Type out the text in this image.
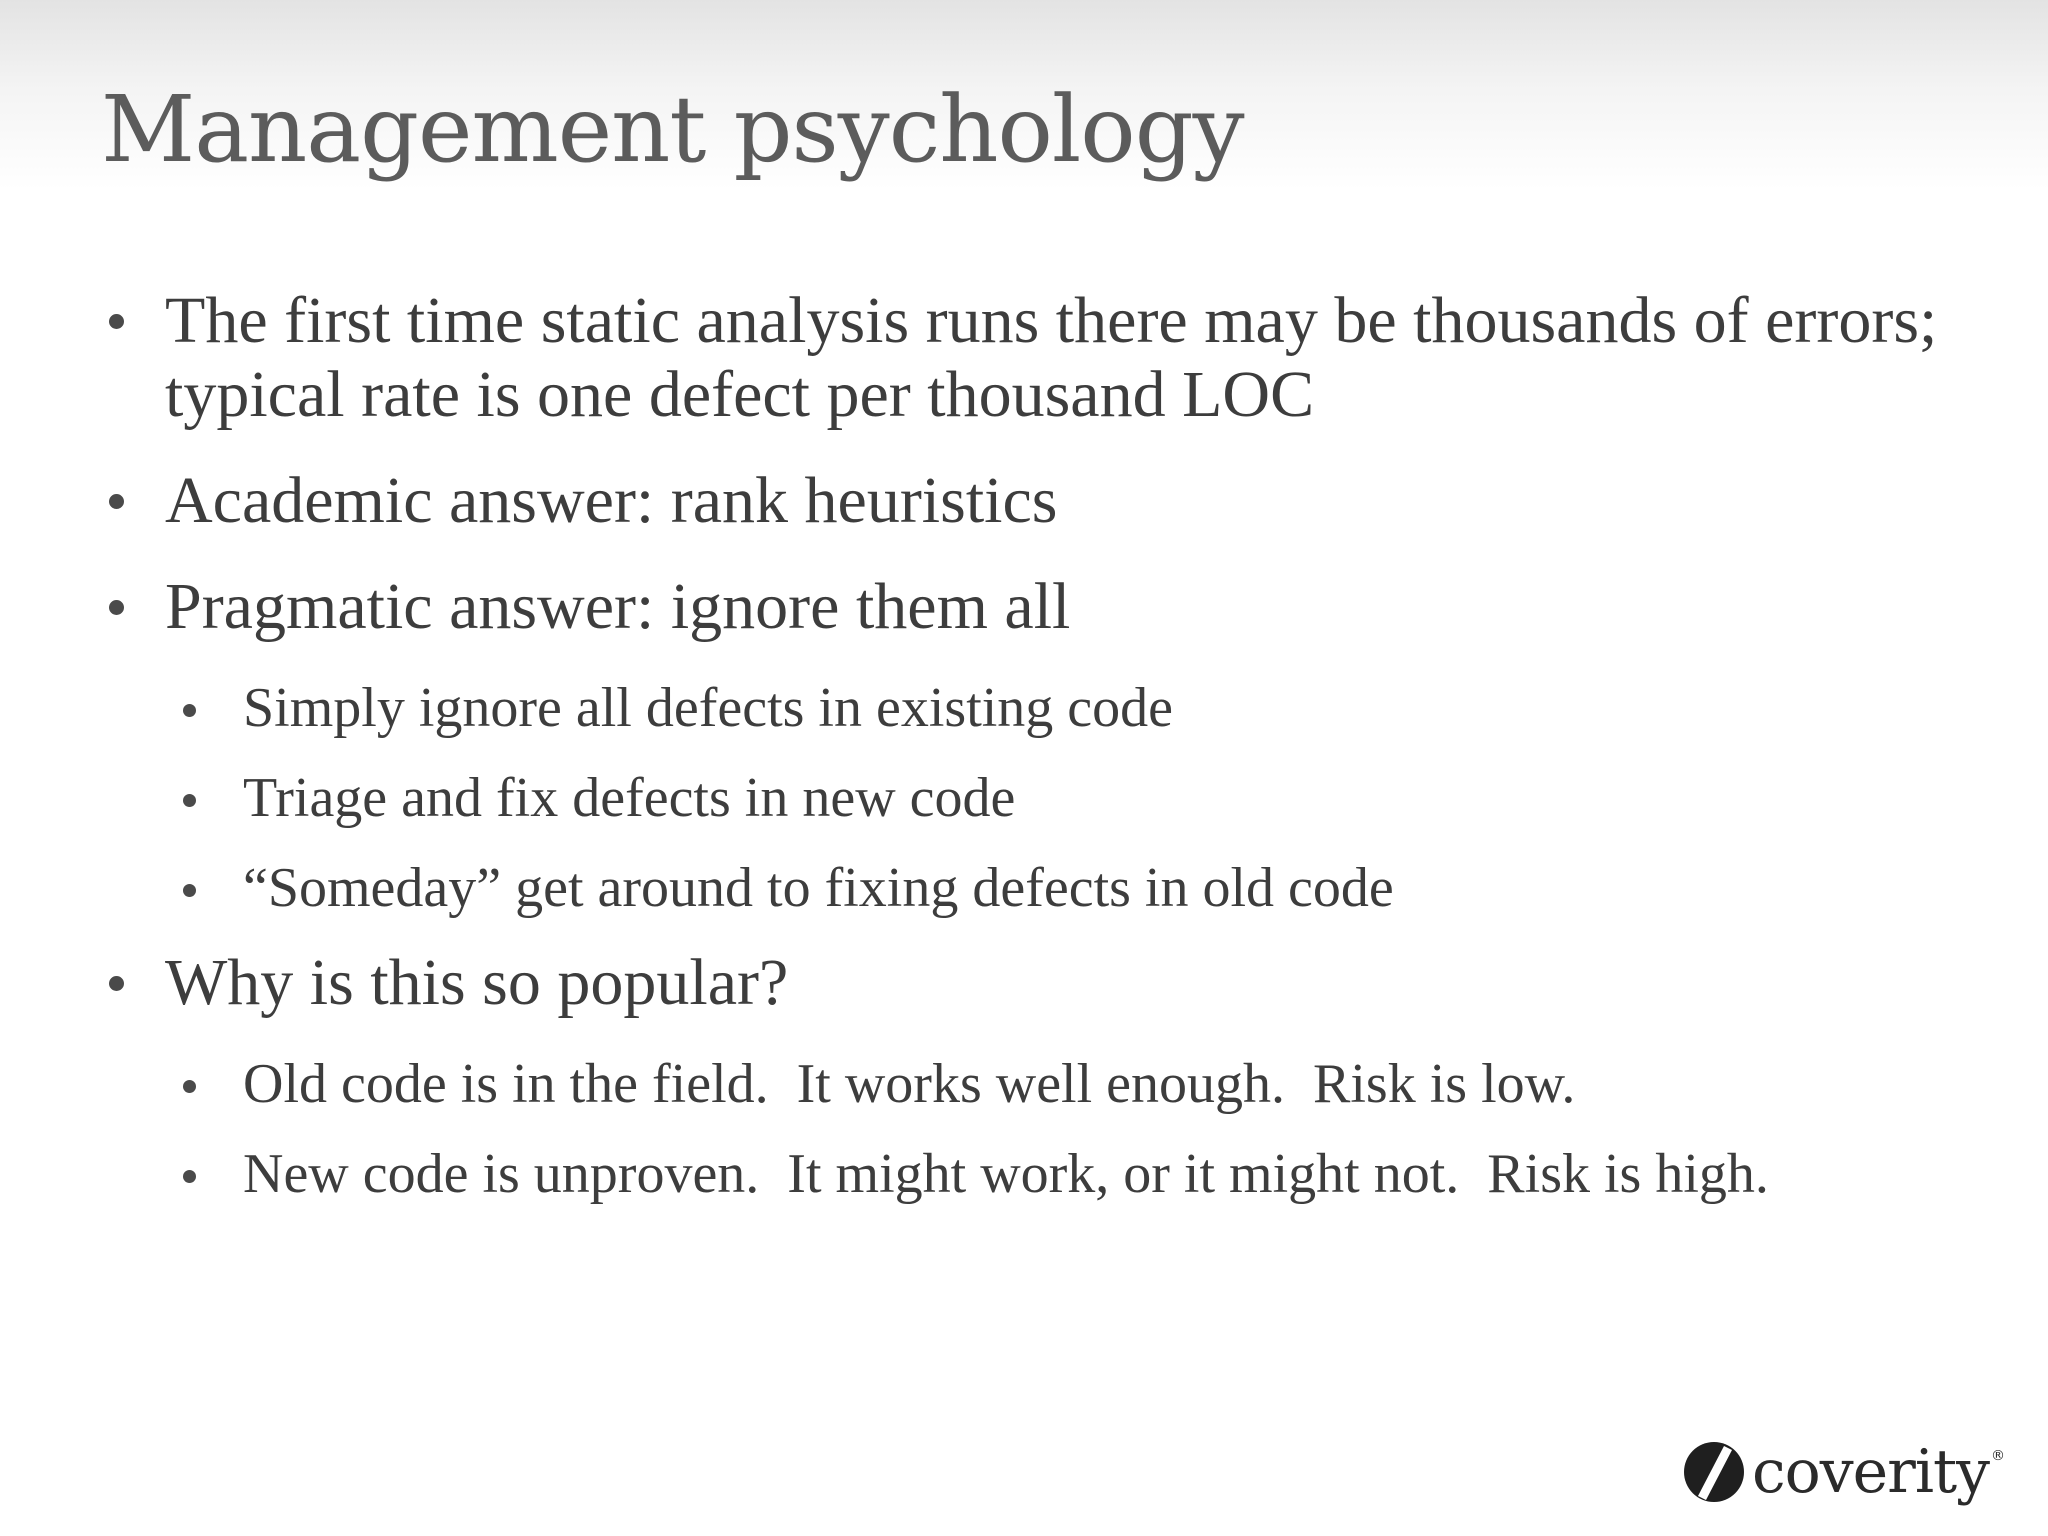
Management psychology
The first time static analysis runs there may be thousands of errors; typical rate is one defect per thousand LOC
Academic answer: rank heuristics
Pragmatic answer: ignore them all
Simply ignore all defects in existing code
Triage and fix defects in new code
“Someday” get around to fixing defects in old code
Why is this so popular?
Old code is in the field.  It works well enough.  Risk is low.
New code is unproven.  It might work, or it might not.  Risk is high.
coverity ®
